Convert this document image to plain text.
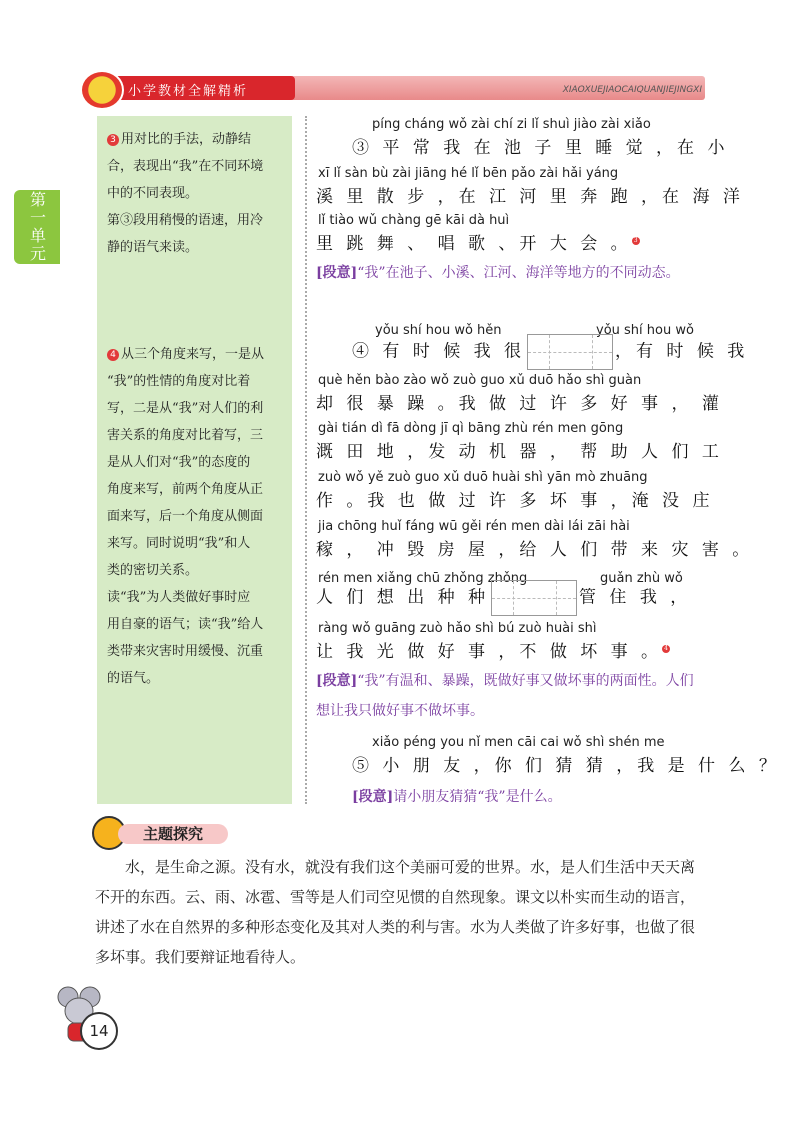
小学教材全解精析	XIAOXUEJIAOCAIQUANJIEJINGXI
第一单元
3 用对比的手法，动静结
合，表现出“我”在不同环境
中的不同表现。
第③段用稍慢的语速，用冷
静的语气来读。
4 从三个角度来写，一是从
“我”的性情的角度对比着
写，二是从“我”对人们的利
害关系的角度对比着写，三
是从人们对“我”的态度的
角度来写，前两个角度从正
面来写，后一个角度从侧面
来写。同时说明“我”和人
类的密切关系。
读“我”为人类做好事时应
用自豪的语气；读“我”给人
类带来灾害时用缓慢、沉重
的语气。
píng cháng wǒ zài chí zi lǐ shuì jiào zài xiǎo
③ 平 常 我 在 池 子 里 睡 觉 ，在 小
xī lǐ sàn bù zài jiāng hé lǐ bēn pǎo zài hǎi yáng
溪 里 散 步 ，在 江 河 里 奔 跑 ，在 海 洋
lǐ tiào wǔ chàng gē kāi dà huì
里 跳 舞 、 唱 歌 、开 大 会 。 3
[段意]“我”在池子、小溪、江河、海洋等地方的不同动态。
yǒu shí hou wǒ hěn	yǒu shí hou wǒ
④ 有 时 候 我 很	，有 时 候 我
què hěn bào zào wǒ zuò guo xǔ duō hǎo shì guàn
却 很 暴 躁 。我 做 过 许 多 好 事 ， 灌
gài tián dì fā dòng jī qì bāng zhù rén men gōng
溉 田 地 ，发 动 机 器 ， 帮 助 人 们 工
zuò wǒ yě zuò guo xǔ duō huài shì yān mò zhuāng
作 。我 也 做 过 许 多 坏 事 ，淹 没 庄
jia chōng huǐ fáng wū gěi rén men dài lái zāi hài
稼 ， 冲 毁 房 屋 ，给 人 们 带 来 灾 害 。
rén men xiǎng chū zhǒng zhǒng	guǎn zhù wǒ
人 们 想 出 种 种	管 住 我 ，
ràng wǒ guāng zuò hǎo shì bú zuò huài shì
让 我 光 做 好 事 ，不 做 坏 事 。 4
[段意]“我”有温和、暴躁，既做好事又做坏事的两面性。人们想让我只做好事不做坏事。
xiǎo péng you nǐ men cāi cai wǒ shì shén me
⑤ 小 朋 友 ，你 们 猜 猜 ，我 是 什 么 ？
[段意]请小朋友猜猜“我”是什么。
主题探究
水，是生命之源。没有水，就没有我们这个美丽可爱的世界。水，是人们生活中天天离不开的东西。云、雨、冰雹、雪等是人们司空见惯的自然现象。课文以朴实而生动的语言，讲述了水在自然界的多种形态变化及其对人类的利与害。水为人类做了许多好事，也做了很多坏事。我们要辩证地看待人。
14
